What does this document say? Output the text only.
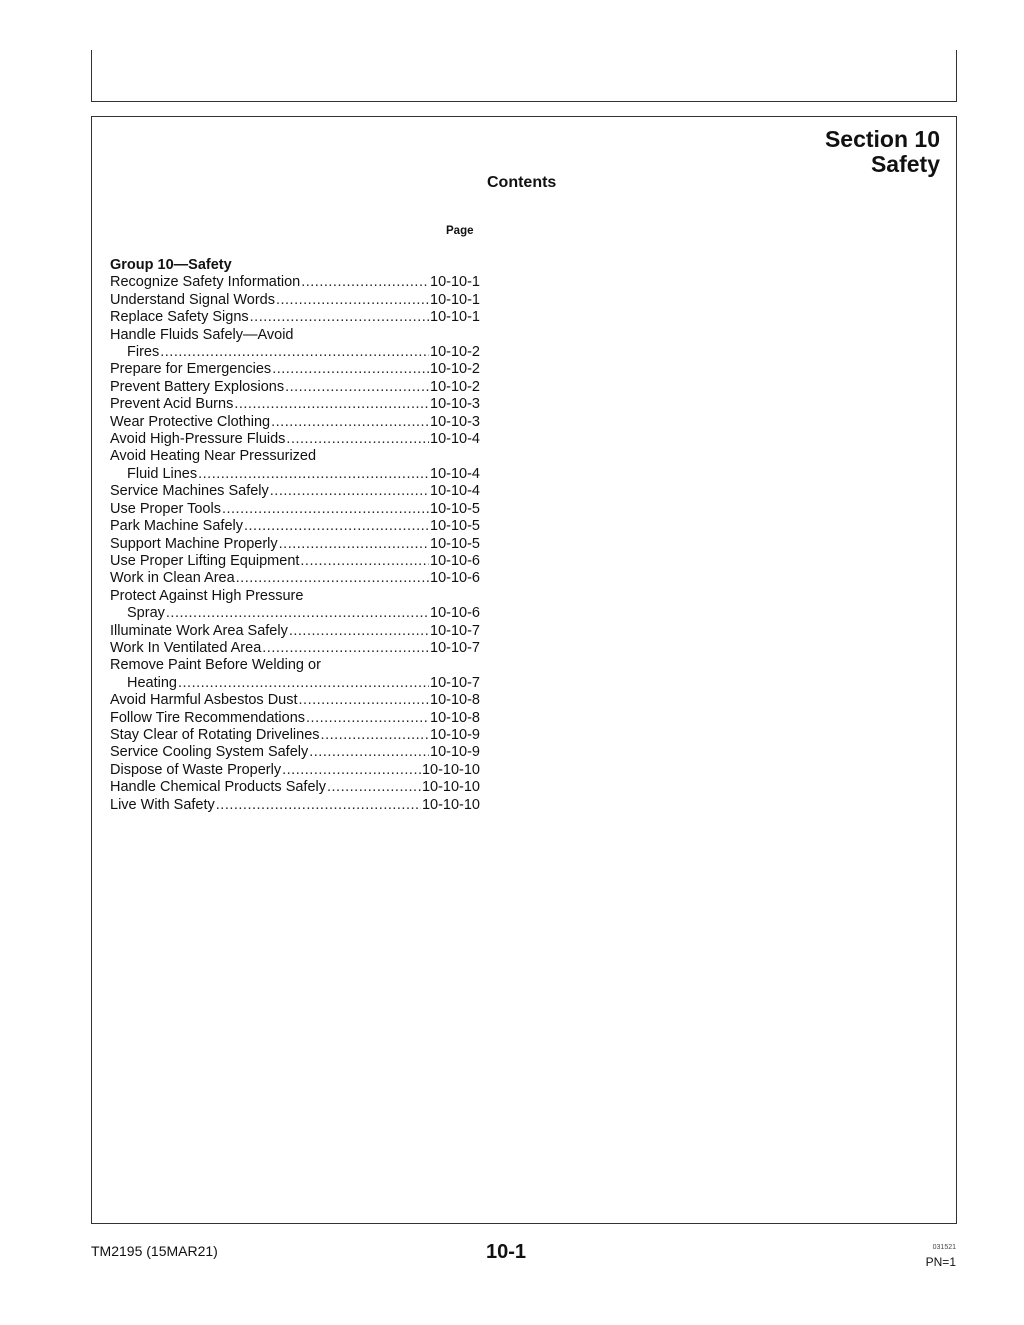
Section 10
Safety
Contents
Page
Group 10—Safety
Recognize Safety Information .....	10-10-1
Understand Signal Words .....	10-10-1
Replace Safety Signs .....	10-10-1
Handle Fluids Safely—Avoid
Fires .....	10-10-2
Prepare for Emergencies .....	10-10-2
Prevent Battery Explosions .....	10-10-2
Prevent Acid Burns .....	10-10-3
Wear Protective Clothing .....	10-10-3
Avoid High-Pressure Fluids .....	10-10-4
Avoid Heating Near Pressurized
Fluid Lines .....	10-10-4
Service Machines Safely .....	10-10-4
Use Proper Tools .....	10-10-5
Park Machine Safely .....	10-10-5
Support Machine Properly .....	10-10-5
Use Proper Lifting Equipment .....	10-10-6
Work in Clean Area .....	10-10-6
Protect Against High Pressure
Spray .....	10-10-6
Illuminate Work Area Safely .....	10-10-7
Work In Ventilated Area .....	10-10-7
Remove Paint Before Welding or
Heating .....	10-10-7
Avoid Harmful Asbestos Dust .....	10-10-8
Follow Tire Recommendations .....	10-10-8
Stay Clear of Rotating Drivelines .....	10-10-9
Service Cooling System Safely .....	10-10-9
Dispose of Waste Properly .....	10-10-10
Handle Chemical Products Safely .....	10-10-10
Live With Safety .....	10-10-10
TM2195 (15MAR21)	10-1	031521
PN=1
